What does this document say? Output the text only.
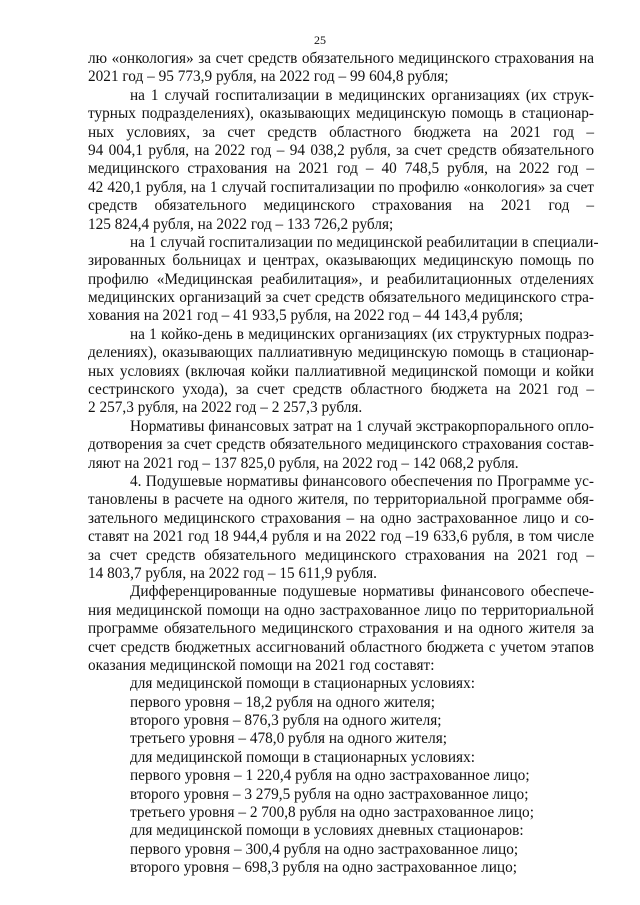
25
лю «онкология» за счет средств обязательного медицинского страхования на
2021 год – 95 773,9 рубля, на 2022 год – 99 604,8 рубля;
на 1 случай госпитализации в медицинских организациях (их струк-
турных подразделениях), оказывающих медицинскую помощь в стационар-
ных условиях, за счет средств областного бюджета на 2021 год –
94 004,1 рубля, на 2022 год – 94 038,2 рубля, за счет средств обязательного
медицинского страхования на 2021 год – 40 748,5 рубля, на 2022 год –
42 420,1 рубля, на 1 случай госпитализации по профилю «онкология» за счет
средств обязательного медицинского страхования на 2021 год –
125 824,4 рубля, на 2022 год – 133 726,2 рубля;
на 1 случай госпитализации по медицинской реабилитации в специали-
зированных больницах и центрах, оказывающих медицинскую помощь по
профилю «Медицинская реабилитация», и реабилитационных отделениях
медицинских организаций за счет средств обязательного медицинского стра-
хования на 2021 год – 41 933,5 рубля, на 2022 год – 44 143,4 рубля;
на 1 койко-день в медицинских организациях (их структурных подраз-
делениях), оказывающих паллиативную медицинскую помощь в стационар-
ных условиях (включая койки паллиативной медицинской помощи и койки
сестринского ухода), за счет средств областного бюджета на 2021 год –
2 257,3 рубля, на 2022 год – 2 257,3 рубля.
Нормативы финансовых затрат на 1 случай экстракорпорального оплo-
дотворения за счет средств обязательного медицинского страхования состав-
ляют на 2021 год – 137 825,0 рубля, на 2022 год – 142 068,2 рубля.
4. Подушевые нормативы финансового обеспечения по Программе ус-
тановлены в расчете на одного жителя, по территориальной программе обя-
зательного медицинского страхования – на одно застрахованное лицо и со-
ставят на 2021 год 18 944,4 рубля и на 2022 год –19 633,6 рубля, в том числе
за счет средств обязательного медицинского страхования на 2021 год –
14 803,7 рубля, на 2022 год – 15 611,9 рубля.
Дифференцированные подушевые нормативы финансового обеспече-
ния медицинской помощи на одно застрахованное лицо по территориальной
программе обязательного медицинского страхования и на одного жителя за
счет средств бюджетных ассигнований областного бюджета с учетом этапов
оказания медицинской помощи на 2021 год составят:
для медицинской помощи в стационарных условиях:
первого уровня – 18,2 рубля на одного жителя;
второго уровня – 876,3 рубля на одного жителя;
третьего уровня – 478,0 рубля на одного жителя;
для медицинской помощи в стационарных условиях:
первого уровня – 1 220,4 рубля на одно застрахованное лицо;
второго уровня – 3 279,5 рубля на одно застрахованное лицо;
третьего уровня – 2 700,8 рубля на одно застрахованное лицо;
для медицинской помощи в условиях дневных стационаров:
первого уровня – 300,4 рубля на одно застрахованное лицо;
второго уровня – 698,3 рубля на одно застрахованное лицо;
